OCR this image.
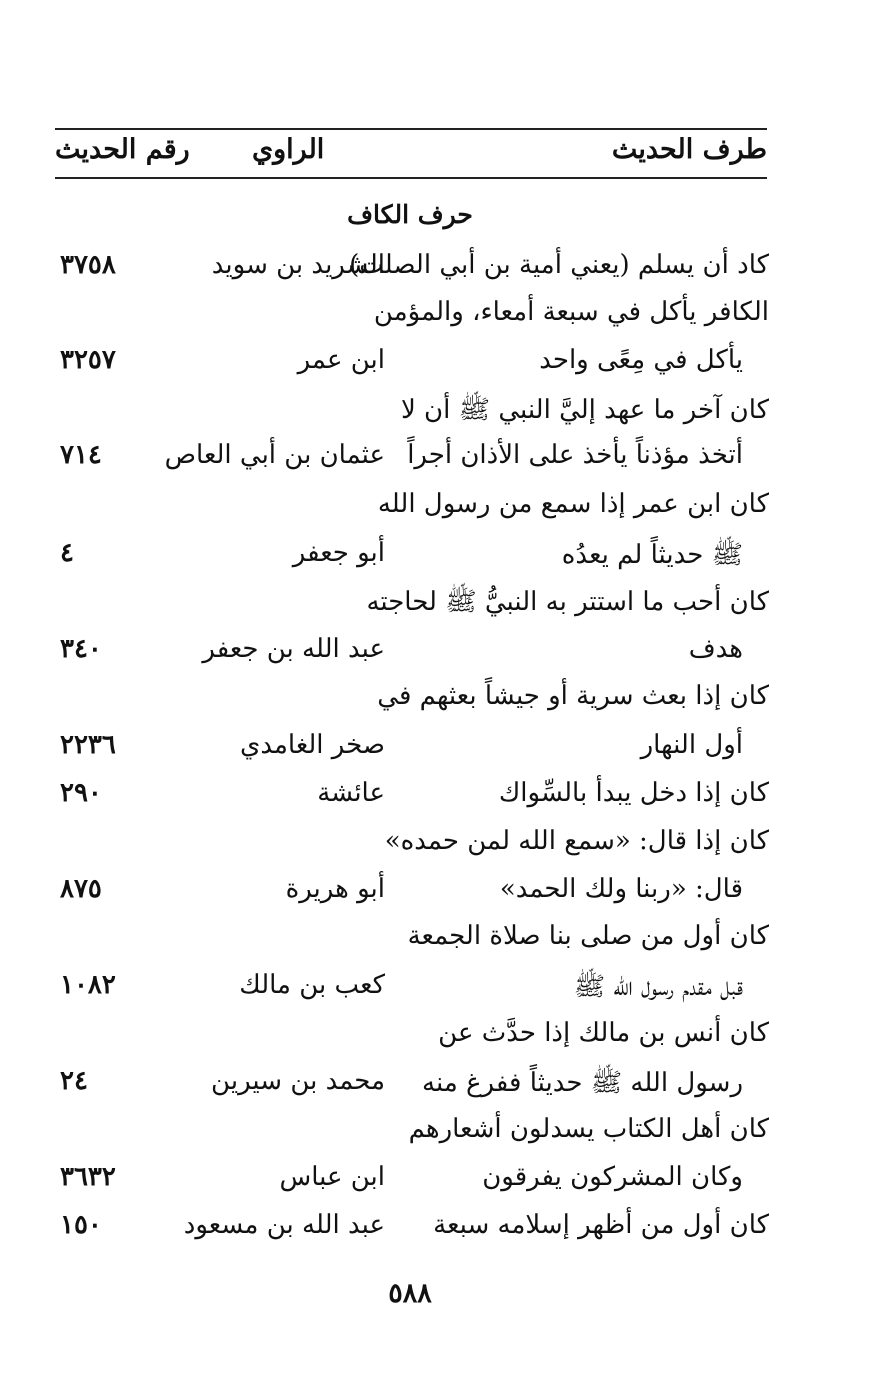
طرف الحديث
الراوي
رقم الحديث
حرف الكاف
كاد أن يسلم (يعني أمية بن أبي الصلت)
الشريد بن سويد
٣٧٥٨
الكافر يأكل في سبعة أمعاء، والمؤمن
يأكل في مِعًى واحد
ابن عمر
٣٢٥٧
كان آخر ما عهد إليَّ النبي ﷺ أن لا
أتخذ مؤذناً يأخذ على الأذان أجراً
عثمان بن أبي العاص
٧١٤
كان ابن عمر إذا سمع من رسول الله
ﷺ حديثاً لم يعدُه
أبو جعفر
٤
كان أحب ما استتر به النبيُّ ﷺ لحاجته
هدف
عبد الله بن جعفر
٣٤٠
كان إذا بعث سرية أو جيشاً بعثهم في
أول النهار
صخر الغامدي
٢٢٣٦
كان إذا دخل يبدأ بالسِّواك
عائشة
٢٩٠
كان إذا قال: «سمع الله لمن حمده»
قال: «ربنا ولك الحمد»
أبو هريرة
٨٧٥
كان أول من صلى بنا صلاة الجمعة
قبل مقدم رسول الله ﷺ
كعب بن مالك
١٠٨٢
كان أنس بن مالك إذا حدَّث عن
رسول الله ﷺ حديثاً ففرغ منه
محمد بن سيرين
٢٤
كان أهل الكتاب يسدلون أشعارهم
وكان المشركون يفرقون
ابن عباس
٣٦٣٢
كان أول من أظهر إسلامه سبعة
عبد الله بن مسعود
١٥٠
٥٨٨
